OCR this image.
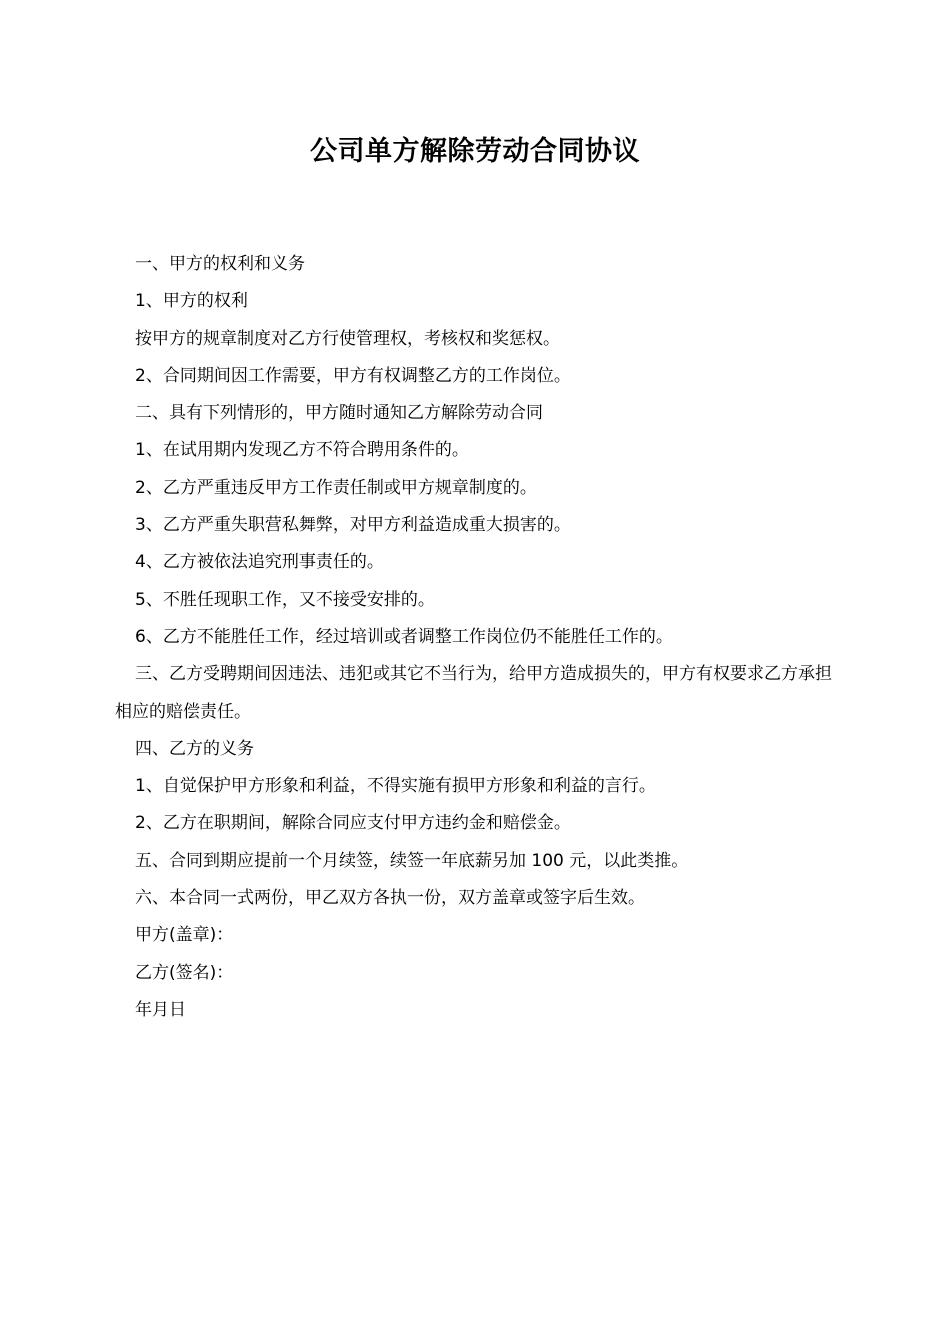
公司单方解除劳动合同协议

一、甲方的权利和义务

1、甲方的权利

按甲方的规章制度对乙方行使管理权，考核权和奖惩权。

2、合同期间因工作需要，甲方有权调整乙方的工作岗位。

二、具有下列情形的，甲方随时通知乙方解除劳动合同

1、在试用期内发现乙方不符合聘用条件的。

2、乙方严重违反甲方工作责任制或甲方规章制度的。

3、乙方严重失职营私舞弊，对甲方利益造成重大损害的。

4、乙方被依法追究刑事责任的。

5、不胜任现职工作，又不接受安排的。

6、乙方不能胜任工作，经过培训或者调整工作岗位仍不能胜任工作的。

三、乙方受聘期间因违法、违犯或其它不当行为，给甲方造成损失的，甲方有权要求乙方承担相应的赔偿责任。

四、乙方的义务

1、自觉保护甲方形象和利益，不得实施有损甲方形象和利益的言行。

2、乙方在职期间，解除合同应支付甲方违约金和赔偿金。

五、合同到期应提前一个月续签，续签一年底薪另加 100 元，以此类推。

六、本合同一式两份，甲乙双方各执一份，双方盖章或签字后生效。

甲方(盖章)：

乙方(签名)：

年月日
